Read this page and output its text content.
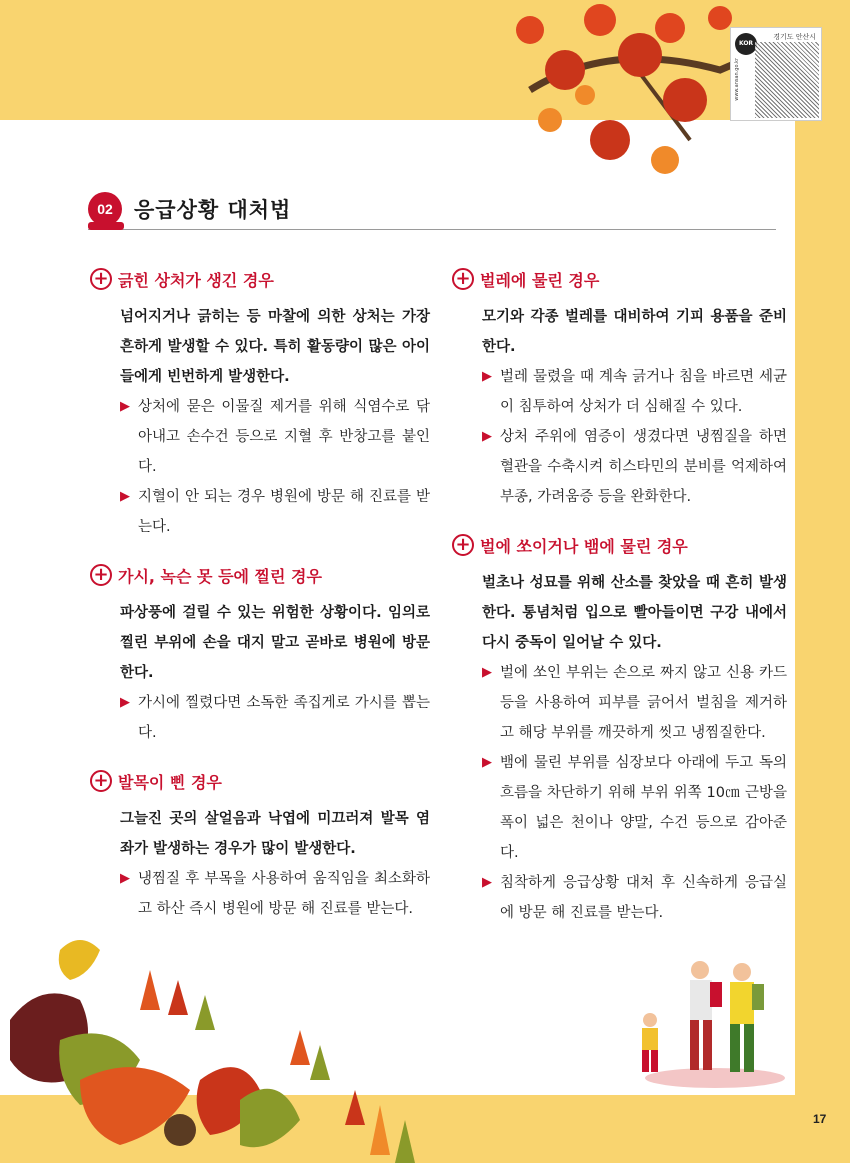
KOR
경기도 안산시
www.ansan.go.kr
02	응급상황 대처법
+ 긁힌 상처가 생긴 경우

넘어지거나 긁히는 등 마찰에 의한 상처는 가장 흔하게 발생할 수 있다. 특히 활동량이 많은 아이들에게 빈번하게 발생한다.

▶ 상처에 묻은 이물질 제거를 위해 식염수로 닦아내고 손수건 등으로 지혈 후 반창고를 붙인다.
▶ 지혈이 안 되는 경우 병원에 방문 해 진료를 받는다.
+ 가시, 녹슨 못 등에 찔린 경우

파상풍에 걸릴 수 있는 위험한 상황이다. 임의로 찔린 부위에 손을 대지 말고 곧바로 병원에 방문한다.

▶ 가시에 찔렸다면 소독한 족집게로 가시를 뽑는다.
+ 발목이 삔 경우

그늘진 곳의 살얼음과 낙엽에 미끄러져 발목 염좌가 발생하는 경우가 많이 발생한다.

▶ 냉찜질 후 부목을 사용하여 움직임을 최소화하고 하산 즉시 병원에 방문 해 진료를 받는다.
+ 벌레에 물린 경우

모기와 각종 벌레를 대비하여 기피 용품을 준비한다.

▶ 벌레 물렸을 때 계속 긁거나 침을 바르면 세균이 침투하여 상처가 더 심해질 수 있다.
▶ 상처 주위에 염증이 생겼다면 냉찜질을 하면 혈관을 수축시켜 히스타민의 분비를 억제하여 부종, 가려움증 등을 완화한다.
+ 벌에 쏘이거나 뱀에 물린 경우

벌초나 성묘를 위해 산소를 찾았을 때 흔히 발생한다. 통념처럼 입으로 빨아들이면 구강 내에서 다시 중독이 일어날 수 있다.

▶ 벌에 쏘인 부위는 손으로 짜지 않고 신용 카드 등을 사용하여 피부를 긁어서 벌침을 제거하고 해당 부위를 깨끗하게 씻고 냉찜질한다.
▶ 뱀에 물린 부위를 심장보다 아래에 두고 독의 흐름을 차단하기 위해 부위 위쪽 10㎝ 근방을 폭이 넓은 천이나 양말, 수건 등으로 감아준다.
▶ 침착하게 응급상황 대처 후 신속하게 응급실에 방문 해 진료를 받는다.
17
